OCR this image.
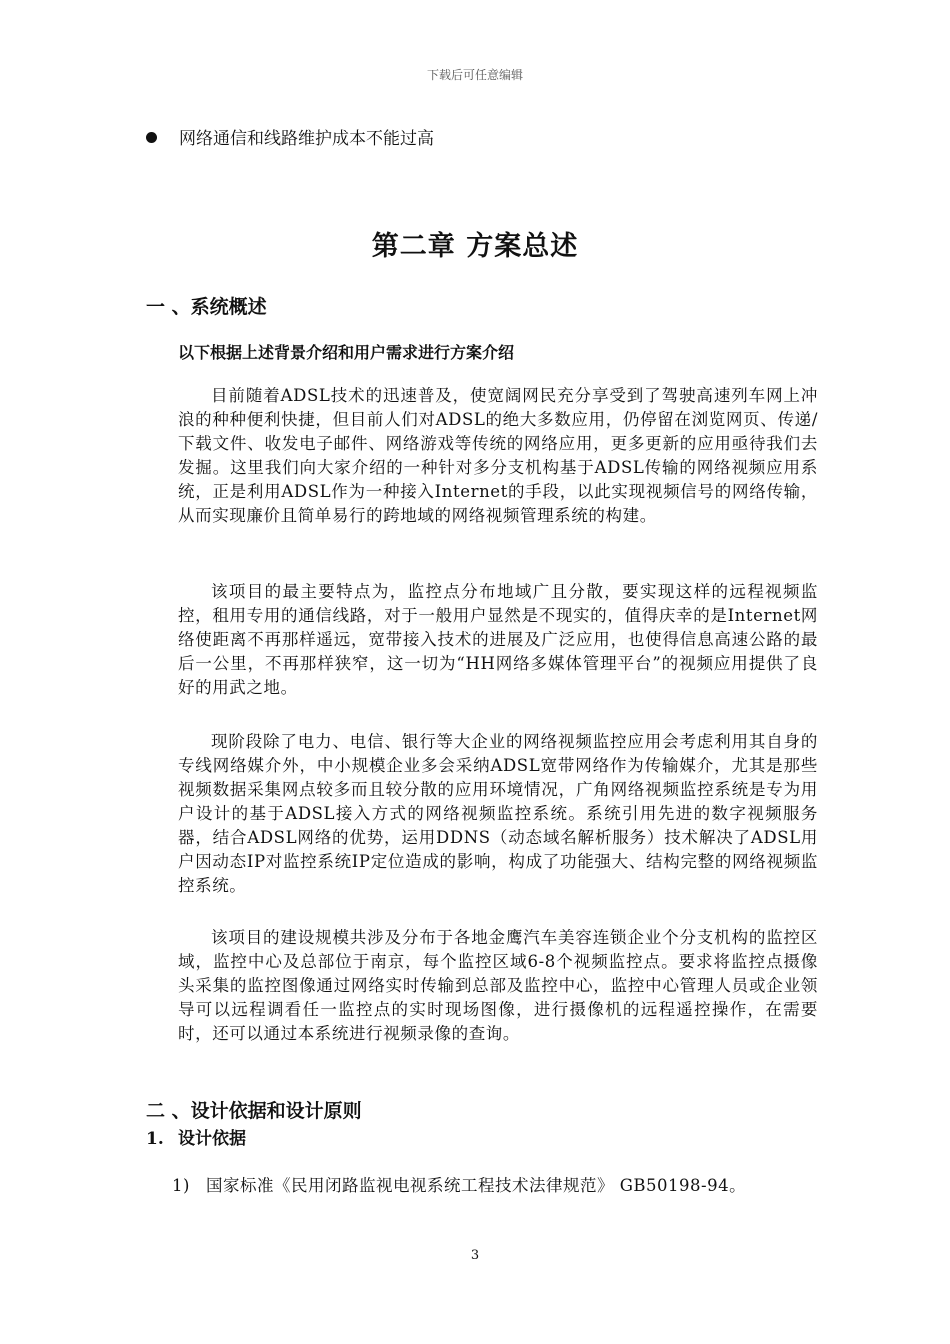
下载后可任意编辑
网络通信和线路维护成本不能过高
第二章 方案总述
一 、系统概述
以下根据上述背景介绍和用户需求进行方案介绍
目前随着ADSL技术的迅速普及，使宽阔网民充分享受到了驾驶高速列车网上冲浪的种种便利快捷，但目前人们对ADSL的绝大多数应用，仍停留在浏览网页、传递/下载文件、收发电子邮件、网络游戏等传统的网络应用，更多更新的应用亟待我们去发掘。这里我们向大家介绍的一种针对多分支机构基于ADSL传输的网络视频应用系统，正是利用ADSL作为一种接入Internet的手段，以此实现视频信号的网络传输，从而实现廉价且简单易行的跨地域的网络视频管理系统的构建。
该项目的最主要特点为，监控点分布地域广且分散，要实现这样的远程视频监控，租用专用的通信线路，对于一般用户显然是不现实的，值得庆幸的是Internet网络使距离不再那样遥远，宽带接入技术的进展及广泛应用，也使得信息高速公路的最后一公里，不再那样狭窄，这一切为“HH网络多媒体管理平台”的视频应用提供了良好的用武之地。
现阶段除了电力、电信、银行等大企业的网络视频监控应用会考虑利用其自身的专线网络媒介外，中小规模企业多会采纳ADSL宽带网络作为传输媒介，尤其是那些视频数据采集网点较多而且较分散的应用环境情况，广角网络视频监控系统是专为用户设计的基于ADSL接入方式的网络视频监控系统。系统引用先进的数字视频服务器，结合ADSL网络的优势，运用DDNS（动态域名解析服务）技术解决了ADSL用户因动态IP对监控系统IP定位造成的影响，构成了功能强大、结构完整的网络视频监控系统。
该项目的建设规模共涉及分布于各地金鹰汽车美容连锁企业个分支机构的监控区域，监控中心及总部位于南京，每个监控区域6-8个视频监控点。要求将监控点摄像头采集的监控图像通过网络实时传输到总部及监控中心，监控中心管理人员或企业领导可以远程调看任一监控点的实时现场图像，进行摄像机的远程遥控操作，在需要时，还可以通过本系统进行视频录像的查询。
二 、设计依据和设计原则
1. 设计依据
1) 国家标准《民用闭路监视电视系统工程技术法律规范》 GB50198-94。
3
